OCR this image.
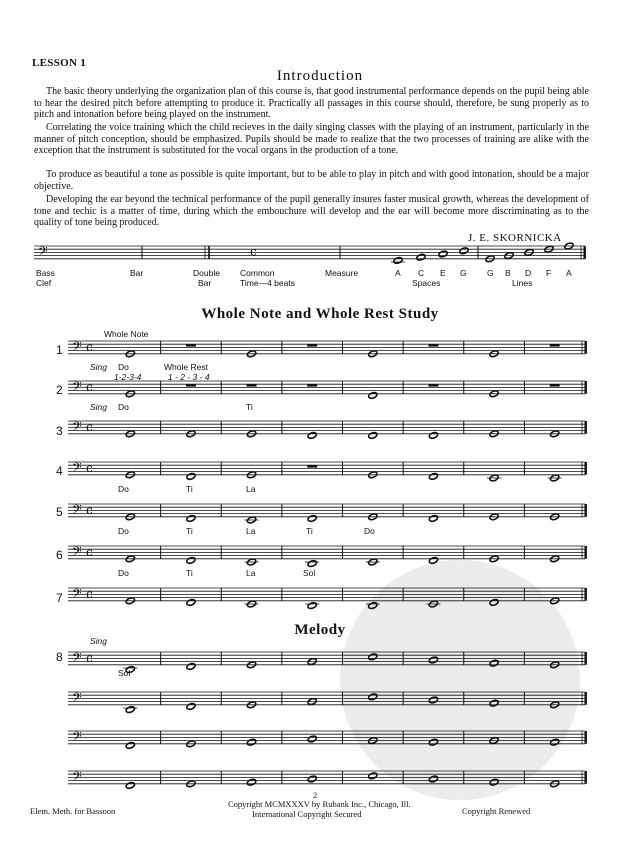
LESSON 1
Introduction
The basic theory underlying the organization plan of this course is, that good instrumental performance depends on the pupil being able to hear the desired pitch before attempting to produce it. Practically all passages in this course should, therefore, be sung properly as to pitch and intonation before being played on the instrument.
Correlating the voice training which the child recieves in the daily singing classes with the playing of an instrument, particularly in the manner of pitch conception, should be emphasized. Pupils should be made to realize that the two processes of training are alike with the exception that the instrument is substituted for the vocal organs in the production of a tone.
To produce as beautiful a tone as possible is quite important, but to be able to play in pitch and with good intonation, should be a major objective.
Developing the ear beyond the technical performance of the pupil generally insures faster musical growth, whereas the development of tone and techic is a matter of time, during which the embouchure will develop and the ear will become more discriminating as to the quality of tone being produced.
J. E. SKORNICKA
Bass
Clef
Bar	Double
Bar
Common
Time—4 beats
Measure	A C E G
Spaces
G B D F A
Lines
Whole Note and Whole Rest Study
Whole Note
1
Sing Do
1-2-3-4
Whole Rest
1 - 2 - 3 - 4
2
Sing Do	Ti
3
4
Do	Ti	La
5
Do	Ti	La	Ti	Do
6
Do	Ti	La	Sol
7
Melody
Sing
8
Sol
Elem. Meth. for Bassoon
2
Copyright MCMXXXV by Rubank Inc., Chicago, Ill.
International Copyright Secured	Copyright Renewed
𝄢	c
𝄢 c
𝄢 c
𝄢 c
𝄢 c
𝄢 c
𝄢 c
𝄢 c
𝄢 c
𝄢
𝄢
𝄢
